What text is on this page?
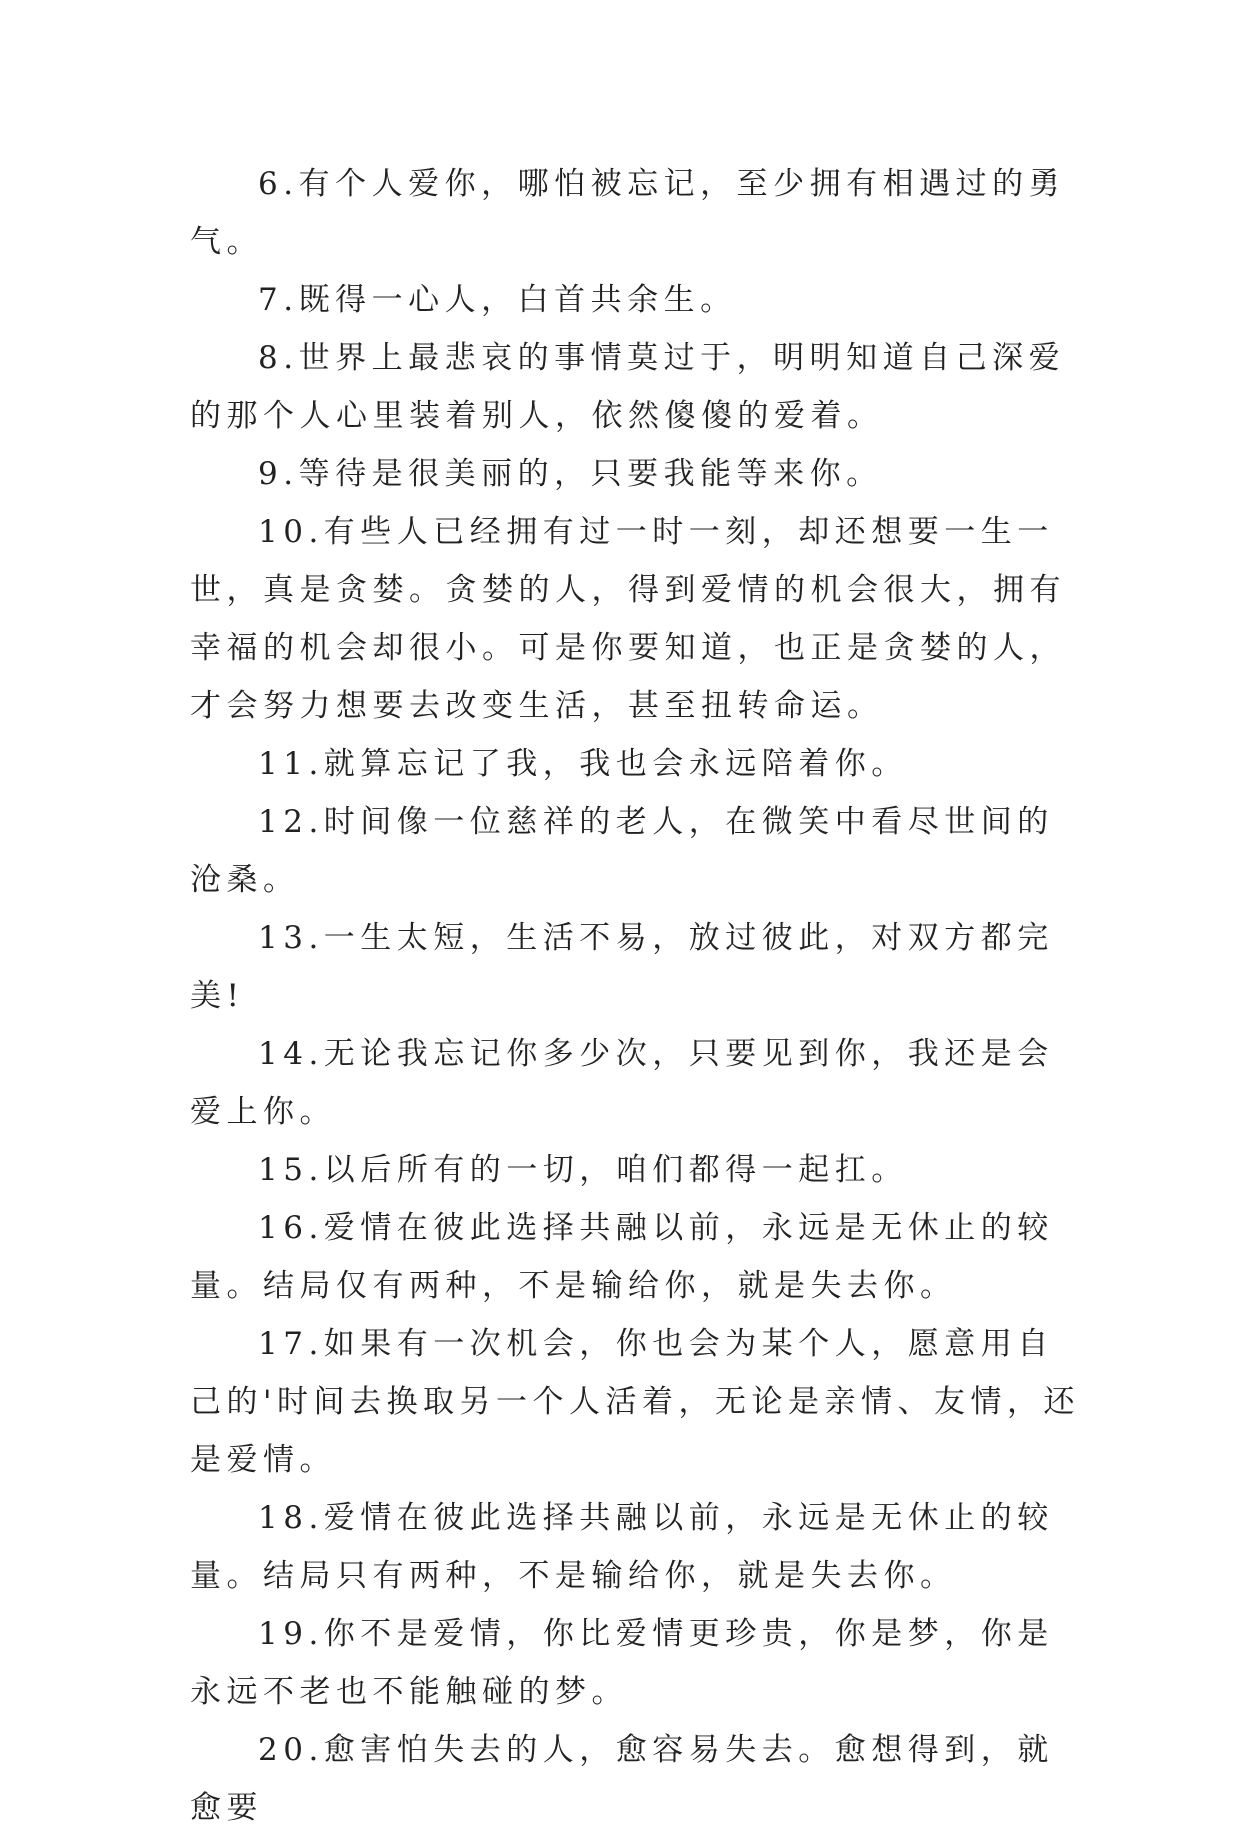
6.有个人爱你，哪怕被忘记，至少拥有相遇过的勇气。

7.既得一心人，白首共余生。

8.世界上最悲哀的事情莫过于，明明知道自己深爱的那个人心里装着别人，依然傻傻的爱着。

9.等待是很美丽的，只要我能等来你。

10.有些人已经拥有过一时一刻，却还想要一生一世，真是贪婪。贪婪的人，得到爱情的机会很大，拥有幸福的机会却很小。可是你要知道，也正是贪婪的人，才会努力想要去改变生活，甚至扭转命运。

11.就算忘记了我，我也会永远陪着你。

12.时间像一位慈祥的老人，在微笑中看尽世间的沧桑。

13.一生太短，生活不易，放过彼此，对双方都完美!

14.无论我忘记你多少次，只要见到你，我还是会爱上你。

15.以后所有的一切，咱们都得一起扛。

16.爱情在彼此选择共融以前，永远是无休止的较量。结局仅有两种，不是输给你，就是失去你。

17.如果有一次机会，你也会为某个人，愿意用自己的'时间去换取另一个人活着，无论是亲情、友情，还是爱情。

18.爱情在彼此选择共融以前，永远是无休止的较量。结局只有两种，不是输给你，就是失去你。

19.你不是爱情，你比爱情更珍贵，你是梦，你是永远不老也不能触碰的梦。

20.愈害怕失去的人，愈容易失去。愈想得到，就愈要
